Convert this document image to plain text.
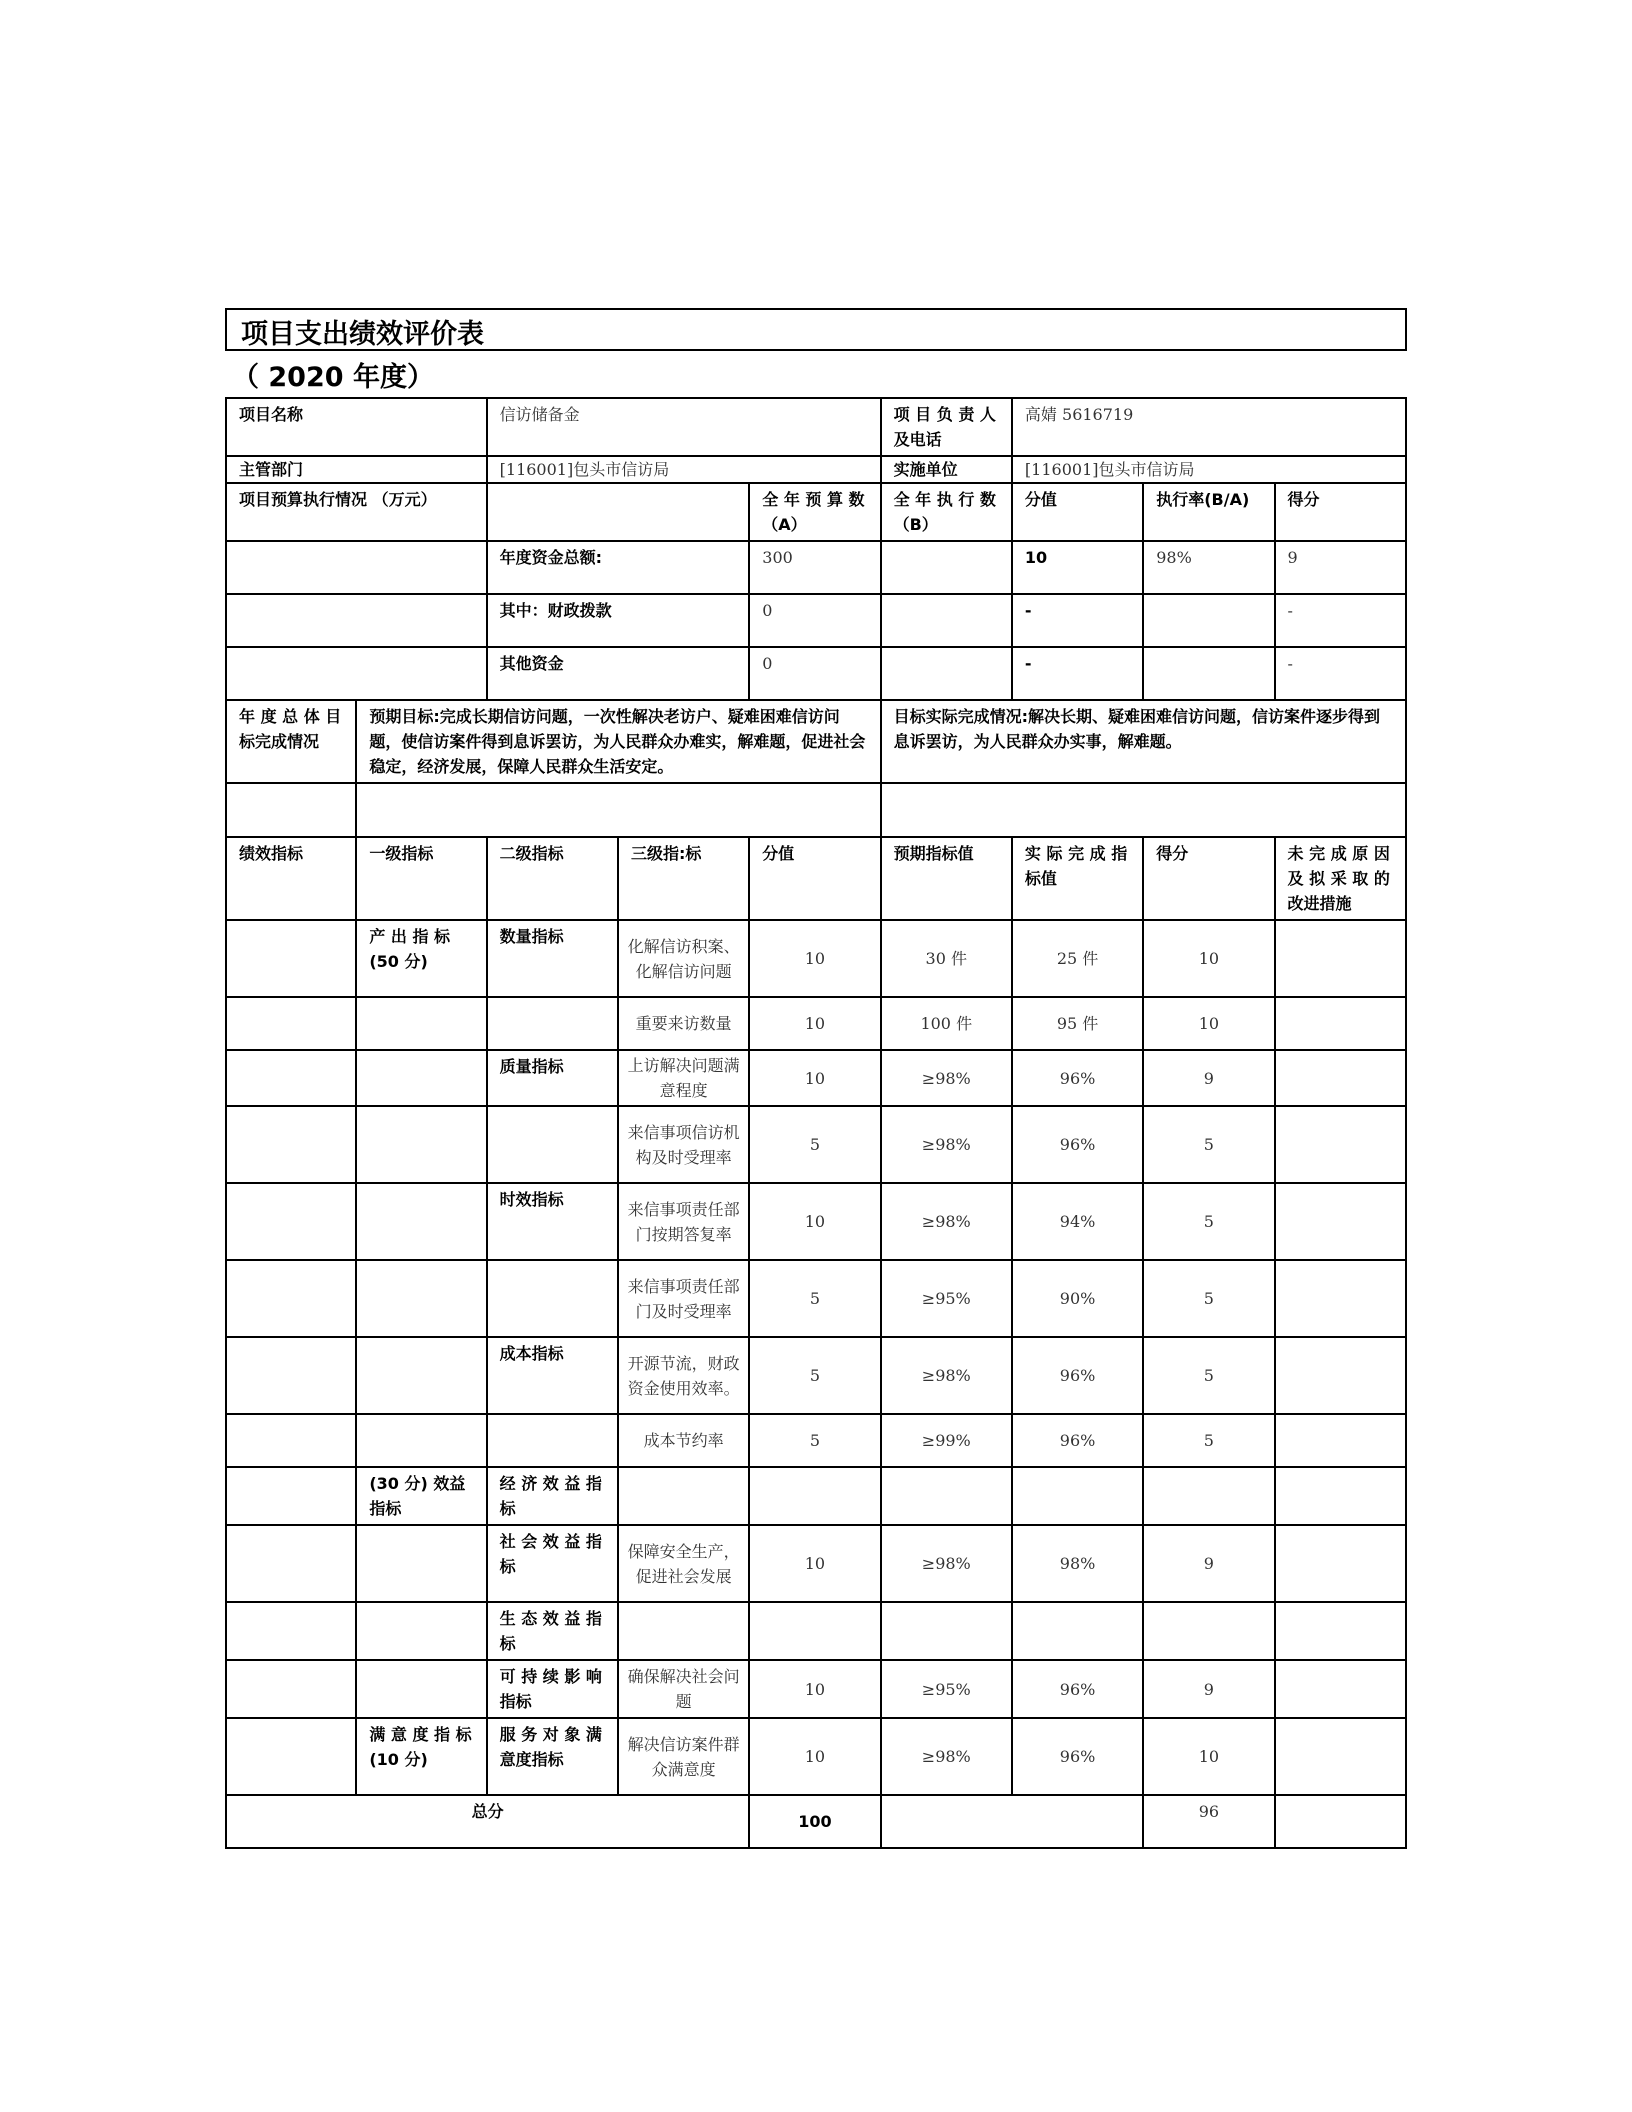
项目支出绩效评价表
（ 2020 年度）
项目名称		信访储备金			项 目 负 责 人 及电话	高婧 5616719		
主管部门		[116001]包头市信访局			实施单位	[116001]包头市信访局		
项目预算执行情况 （万元）				全 年 预 算 数（A）	全 年 执 行 数（B）	分值	执行率(B/A)	得分
		年度资金总额:		300		10	98%	9
		其中：财政拨款		0		-		-
		其他资金		0		-		-
年 度 总 体 目 标完成情况	预期目标:完成长期信访问题，一次性解决老访户、疑难困难信访问题，使信访案件得到息诉罢访，为人民群众办难实，解难题，促进社会稳定，经济发展，保障人民群众生活安定。				目标实际完成情况:解决长期、疑难困难信访问题，信访案件逐步得到息诉罢访，为人民群众办实事，解难题。			

绩效指标	一级指标	二级指标	三级指:标	分值	预期指标值	实 际 完 成 指标值	得分	未 完 成 原 因 及 拟 采 取 的改进措施
	产 出 指 标 (50 分)	数量指标	化解信访积案、化解信访问题	10	30 件	25 件	10	
			重要来访数量	10	100 件	95 件	10	
		质量指标	上访解决问题满意程度	10	≥98%	96%	9	
			来信事项信访机构及时受理率	5	≥98%	96%	5	
		时效指标	来信事项责任部门按期答复率	10	≥98%	94%	5	
			来信事项责任部门及时受理率	5	≥95%	90%	5	
		成本指标	开源节流，财政资金使用效率。	5	≥98%	96%	5	
			成本节约率	5	≥99%	96%	5	
	(30 分) 效益指标	经 济 效 益 指标						
		社 会 效 益 指标	保障安全生产，促进社会发展	10	≥98%	98%	9	
		生 态 效 益 指标						
		可 持 续 影 响指标	确保解决社会问题	10	≥95%	96%	9	
	满 意 度 指 标 (10 分)	服 务 对 象 满意度指标	解决信访案件群众满意度	10	≥98%	96%	10	
总分				100			96	
